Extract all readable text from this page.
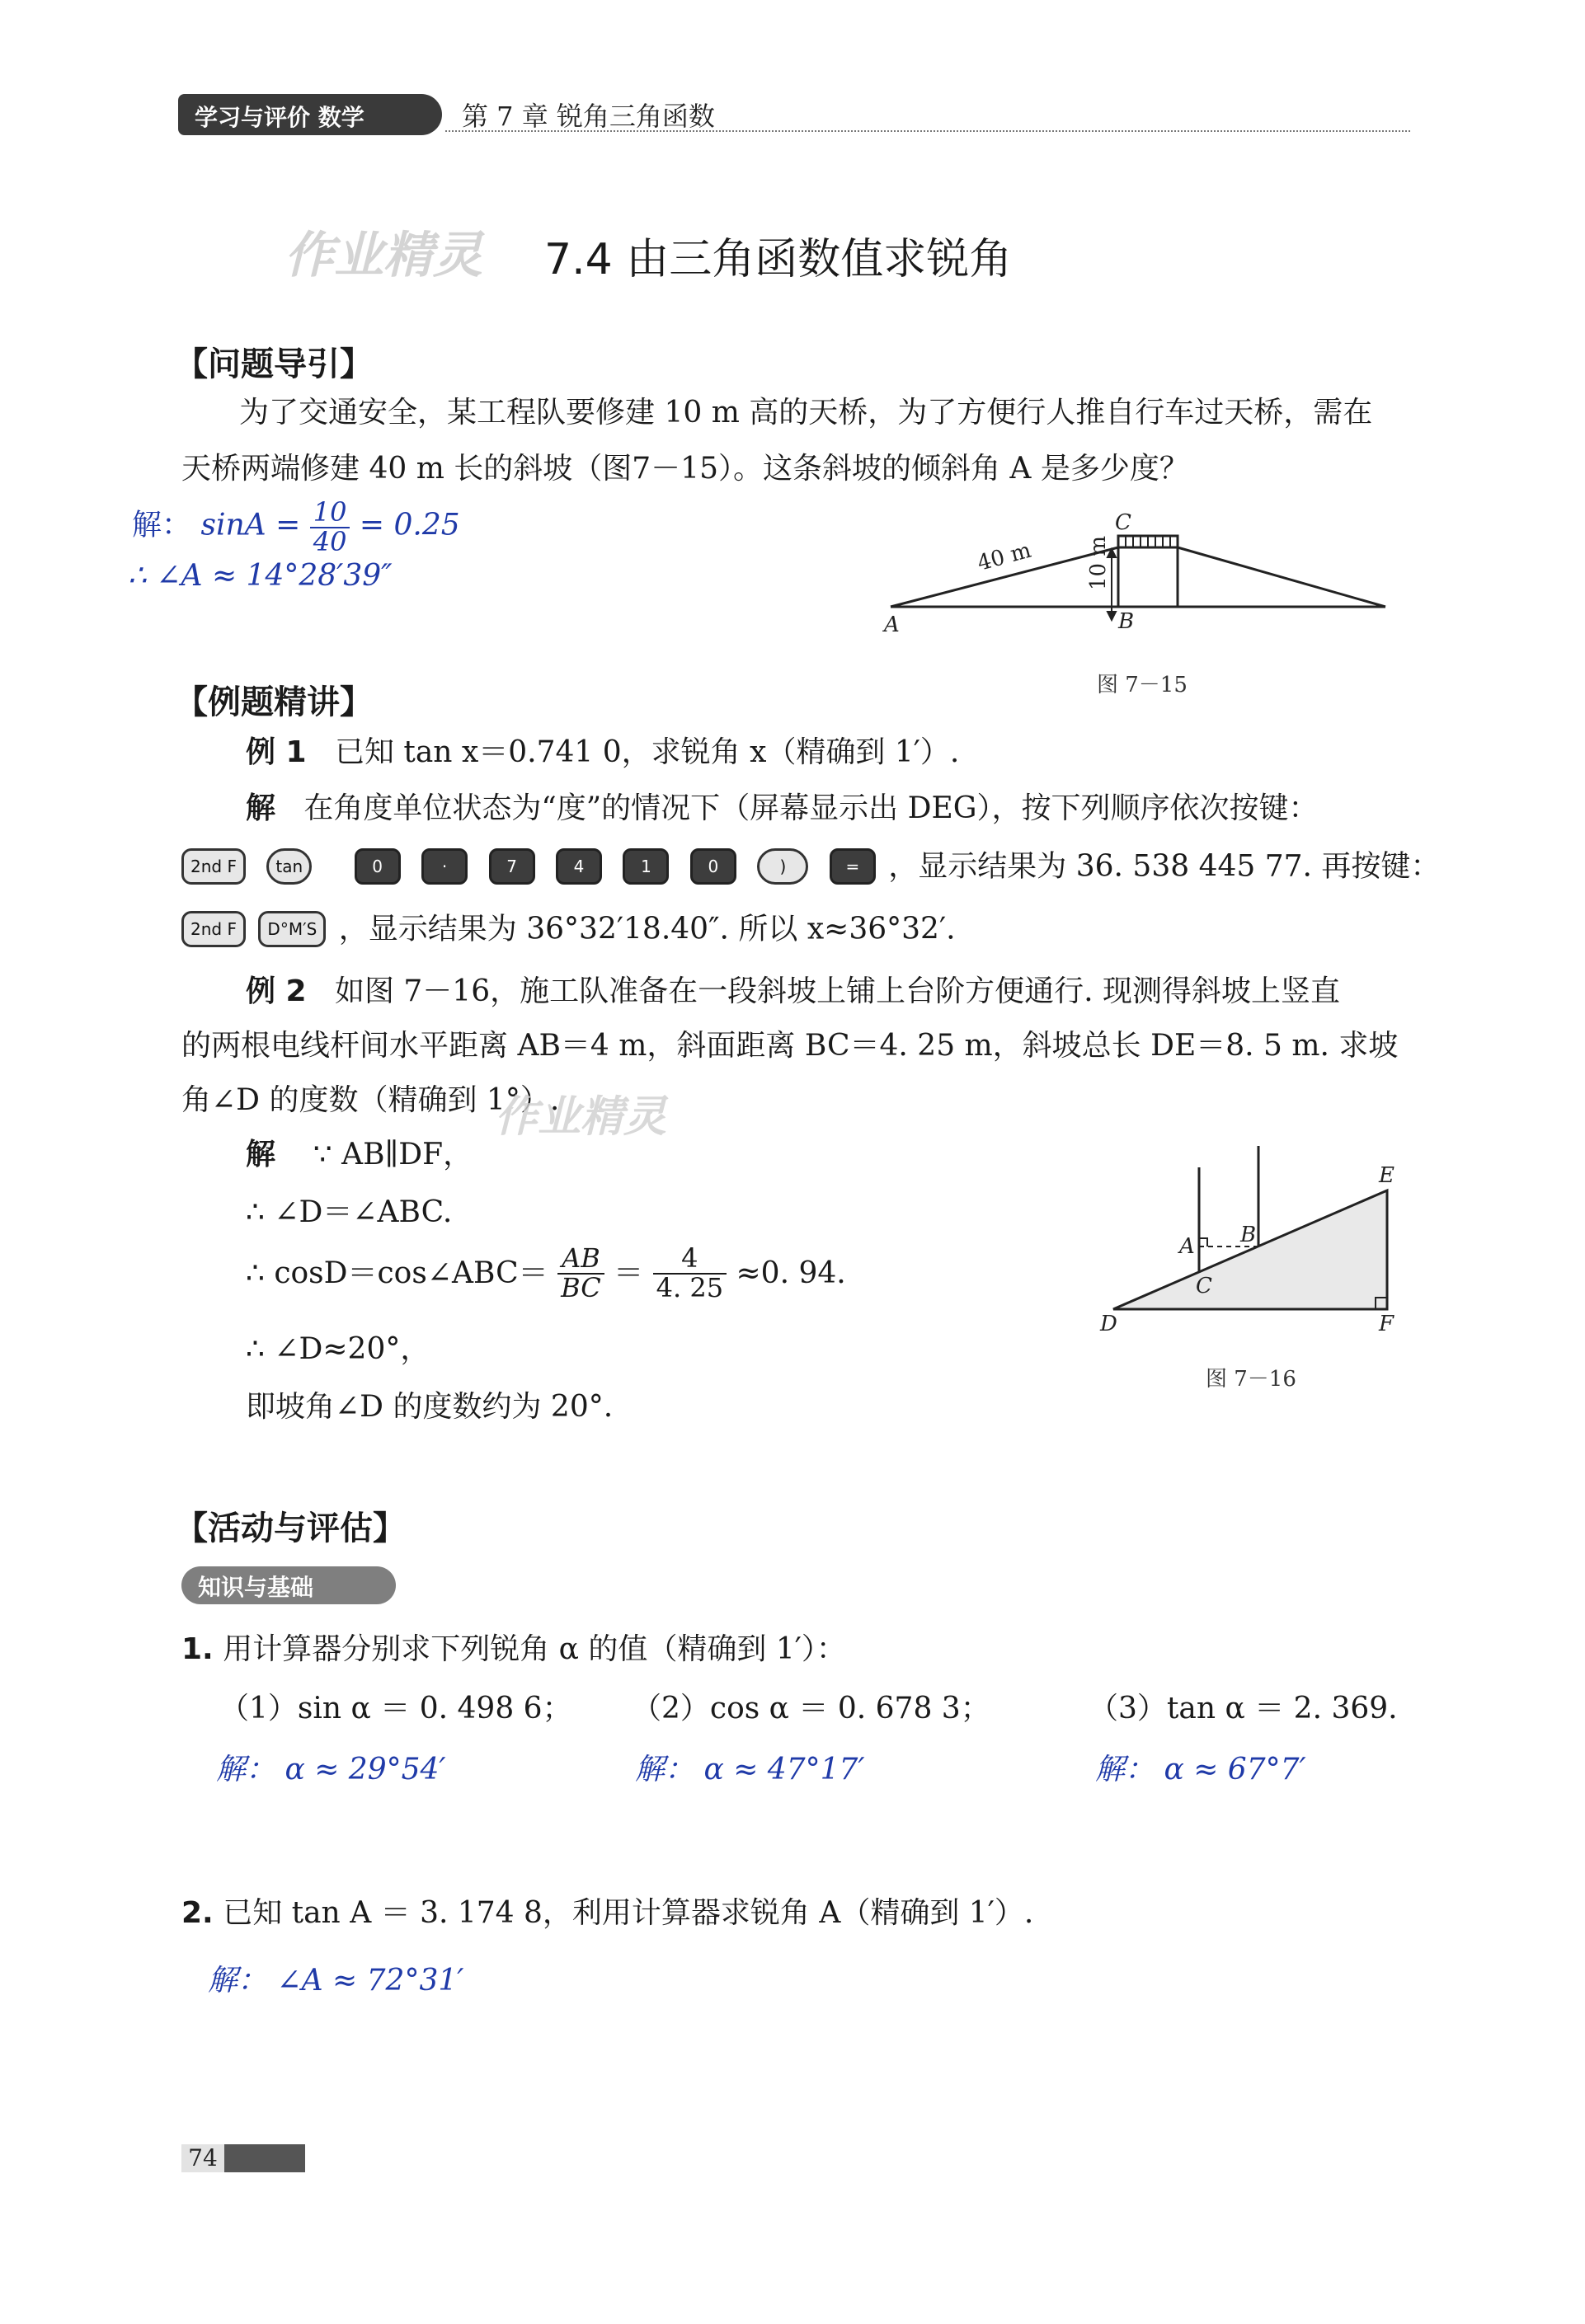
学习与评价 数学	第 7 章 锐角三角函数
作业精灵 7.4 由三角函数值求锐角
【问题导引】
为了交通安全，某工程队要修建 10 m 高的天桥，为了方便行人推自行车过天桥，需在
天桥两端修建 40 m 长的斜坡（图7－15）。这条斜坡的倾斜角 A 是多少度？
解： $\sin A = \frac{10}{40} = 0.25$
∴ ∠A ≈ 14°28′39″	40 m 10 m
A	B
C
图 7－15
【例题精讲】
例 1 已知 tan x＝0.741 0，求锐角 x（精确到 1′）.
解 在角度单位状态为“度”的情况下（屏幕显示出 DEG），按下列顺序依次按键：
2nd F tan	0	·	7	4	1	0	)	= ，显示结果为 36. 538 445 77. 再按键：
2nd F D°M′S ，显示结果为 36°32′18.40″. 所以 x≈36°32′.
例 2 如图 7－16，施工队准备在一段斜坡上铺上台阶方便通行. 现测得斜坡上竖直
的两根电线杆间水平距离 AB＝4 m，斜面距离 BC＝4. 25 m，斜坡总长 DE＝8. 5 m. 求坡
角∠D 的度数（精确到 1°）.
作业精灵
解 ∵ AB∥DF，
∴ ∠D＝∠ABC.
∴ cosD＝cos∠ABC＝ $\frac{AB}{BC} = \frac{4}{4. 25} \approx 0$. 94.
∴ ∠D≈20°，
即坡角∠D 的度数约为 20°.
A B
C
D
E
F
图 7－16
【活动与评估】
知识与基础
1. 用计算器分别求下列锐角 α 的值（精确到 1′）：
（1）sin α ＝ 0. 498 6； （2）cos α ＝ 0. 678 3；	（3）tan α ＝ 2. 369.
解： α ≈ 29°54′	解： α ≈ 47°17′	解： α ≈ 67°7′
2. 已知 tan A ＝ 3. 174 8，利用计算器求锐角 A（精确到 1′）.
解： ∠A ≈ 72°31′
74
